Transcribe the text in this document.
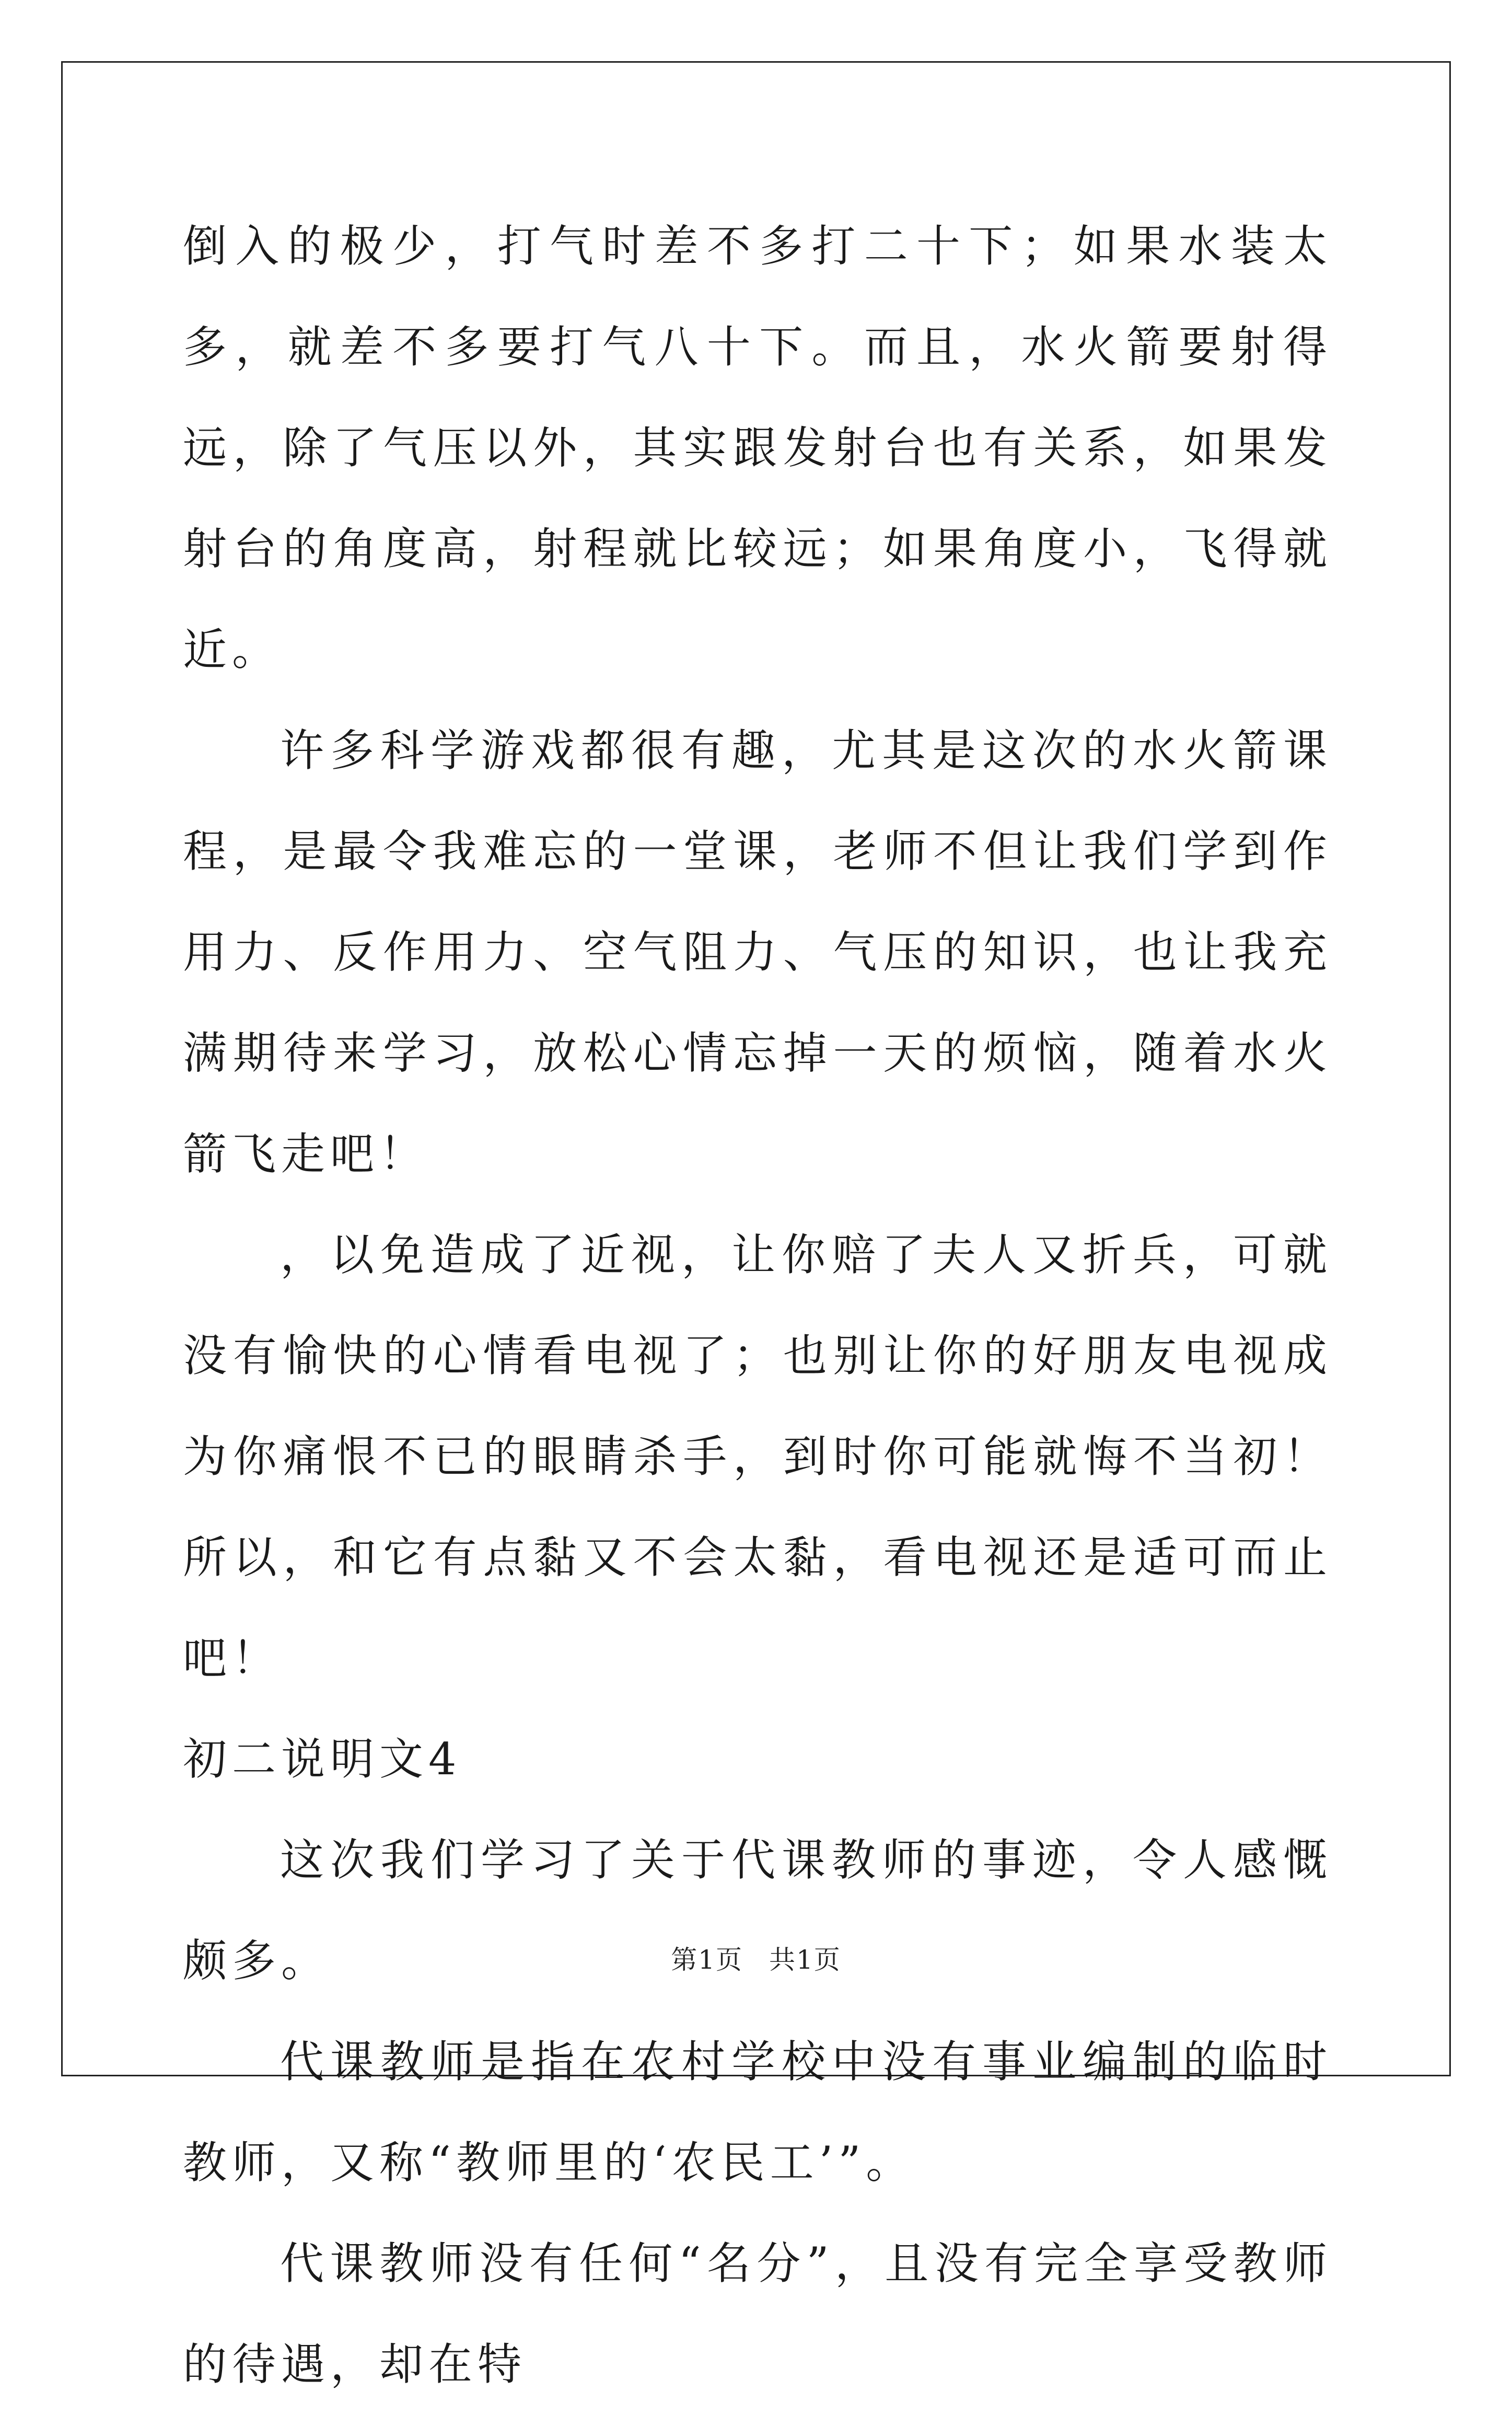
倒入的极少，打气时差不多打二十下；如果水装太多，就差不多要打气八十下。而且，水火箭要射得远，除了气压以外，其实跟发射台也有关系，如果发射台的角度高，射程就比较远；如果角度小，飞得就近。

许多科学游戏都很有趣，尤其是这次的水火箭课程，是最令我难忘的一堂课，老师不但让我们学到作用力、反作用力、空气阻力、气压的知识，也让我充满期待来学习，放松心情忘掉一天的烦恼，随着水火箭飞走吧！

，以免造成了近视，让你赔了夫人又折兵，可就没有愉快的心情看电视了；也别让你的好朋友电视成为你痛恨不已的眼睛杀手，到时你可能就悔不当初！所以，和它有点黏又不会太黏，看电视还是适可而止吧！

初二说明文4

这次我们学习了关于代课教师的事迹，令人感慨颇多。

代课教师是指在农村学校中没有事业编制的临时教师，又称“教师里的‘农民工’”。

代课教师没有任何“名分”，且没有完全享受教师的待遇，却在特

第1页 共1页
